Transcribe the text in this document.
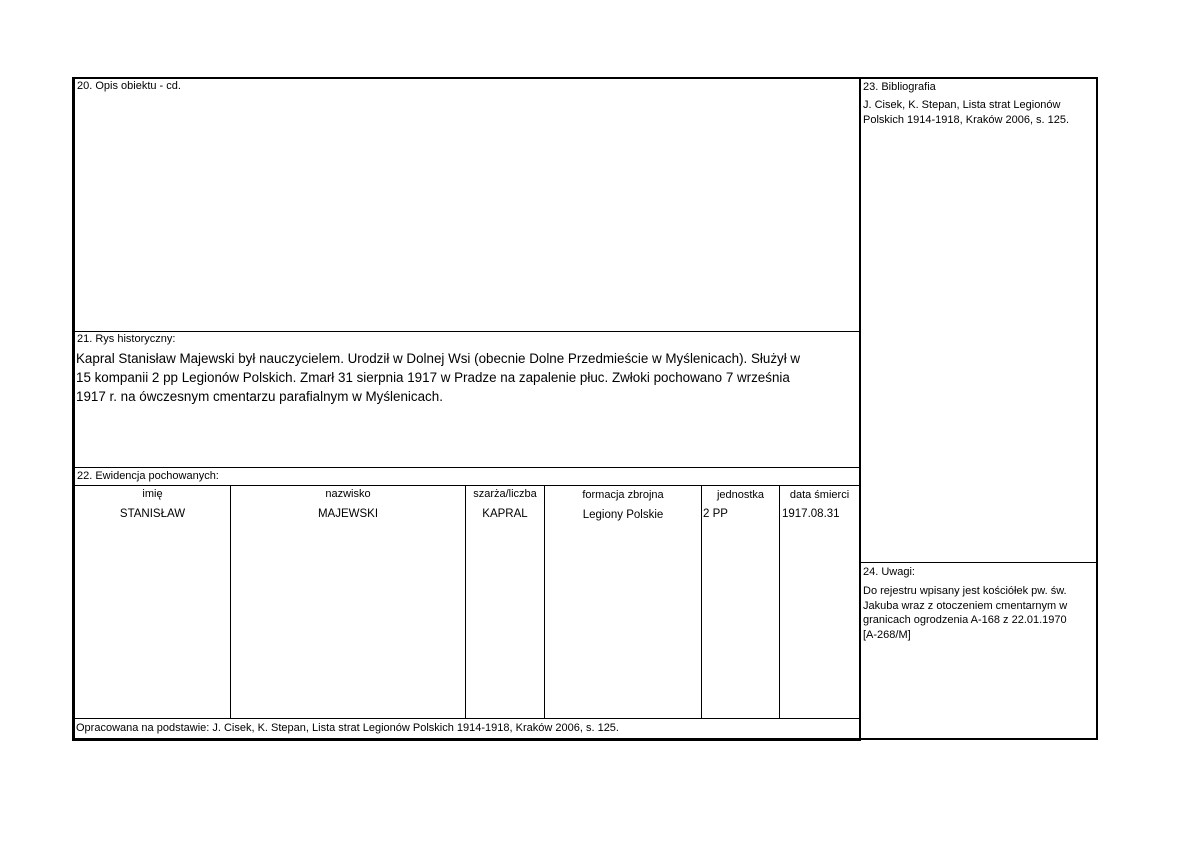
20. Opis obiektu - cd.
21. Rys historyczny:
Kapral Stanisław Majewski był nauczycielem. Urodził w Dolnej Wsi (obecnie Dolne Przedmieście w Myślenicach). Służył w
15 kompanii 2 pp Legionów Polskich. Zmarł 31 sierpnia 1917 w Pradze na zapalenie płuc. Zwłoki pochowano 7 września
1917 r. na ówczesnym cmentarzu parafialnym w Myślenicach.
22. Ewidencja pochowanych:
imię	nazwisko	szarża/liczba	formacja zbrojna	jednostka	data śmierci
STANISŁAW	MAJEWSKI	KAPRAL	Legiony Polskie	2 PP	1917.08.31
Opracowana na podstawie: J. Cisek, K. Stepan, Lista strat Legionów Polskich 1914-1918, Kraków 2006, s. 125.
23. Bibliografia
J. Cisek, K. Stepan, Lista strat Legionów
Polskich 1914-1918, Kraków 2006, s. 125.
24. Uwagi:
Do rejestru wpisany jest kościółek pw. św.
Jakuba wraz z otoczeniem cmentarnym w
granicach ogrodzenia A-168 z 22.01.1970
[A-268/M]
